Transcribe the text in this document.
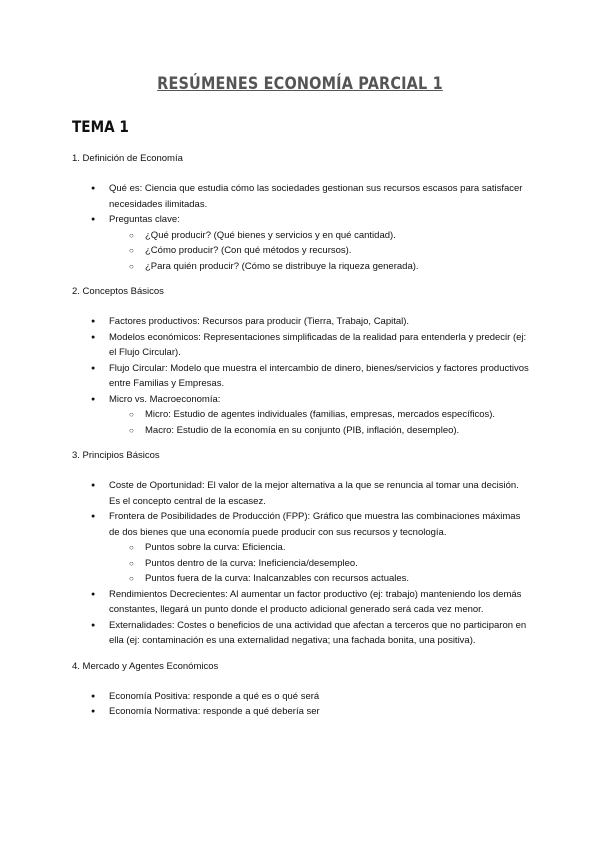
RESÚMENES ECONOMÍA PARCIAL 1
TEMA 1

1. Definición de Economía

● Qué es: Ciencia que estudia cómo las sociedades gestionan sus recursos escasos para satisfacer necesidades ilimitadas.
● Preguntas clave:
○ ¿Qué producir? (Qué bienes y servicios y en qué cantidad).
○ ¿Cómo producir? (Con qué métodos y recursos).
○ ¿Para quién producir? (Cómo se distribuye la riqueza generada).

2. Conceptos Básicos

● Factores productivos: Recursos para producir (Tierra, Trabajo, Capital).
● Modelos económicos: Representaciones simplificadas de la realidad para entenderla y predecir (ej: el Flujo Circular).
● Flujo Circular: Modelo que muestra el intercambio de dinero, bienes/servicios y factores productivos entre Familias y Empresas.
● Micro vs. Macroeconomía:
○ Micro: Estudio de agentes individuales (familias, empresas, mercados específicos).
○ Macro: Estudio de la economía en su conjunto (PIB, inflación, desempleo).

3. Principios Básicos

● Coste de Oportunidad: El valor de la mejor alternativa a la que se renuncia al tomar una decisión. Es el concepto central de la escasez.
● Frontera de Posibilidades de Producción (FPP): Gráfico que muestra las combinaciones máximas de dos bienes que una economía puede producir con sus recursos y tecnología.
○ Puntos sobre la curva: Eficiencia.
○ Puntos dentro de la curva: Ineficiencia/desempleo.
○ Puntos fuera de la curva: Inalcanzables con recursos actuales.
● Rendimientos Decrecientes: Al aumentar un factor productivo (ej: trabajo) manteniendo los demás constantes, llegará un punto donde el producto adicional generado será cada vez menor.
● Externalidades: Costes o beneficios de una actividad que afectan a terceros que no participaron en ella (ej: contaminación es una externalidad negativa; una fachada bonita, una positiva).

4. Mercado y Agentes Económicos

● Economía Positiva: responde a qué es o qué será
● Economía Normativa: responde a qué debería ser
